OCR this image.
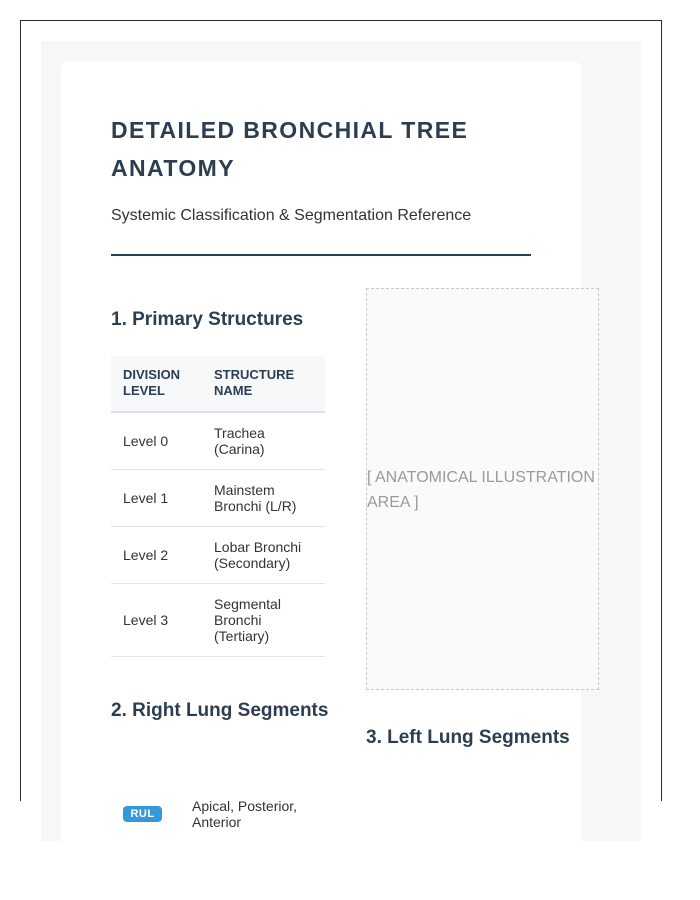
DETAILED BRONCHIAL TREE ANATOMY
Systemic Classification & Segmentation Reference
1. Primary Structures
DIVISION LEVEL	STRUCTURE NAME
Level 0	Trachea (Carina)
Level 1	Mainstem Bronchi (L/R)
Level 2	Lobar Bronchi (Secondary)
Level 3	Segmental Bronchi (Tertiary)
[ ANATOMICAL ILLUSTRATION AREA ]
2. Right Lung Segments
RUL	Apical, Posterior, Anterior
3. Left Lung Segments
